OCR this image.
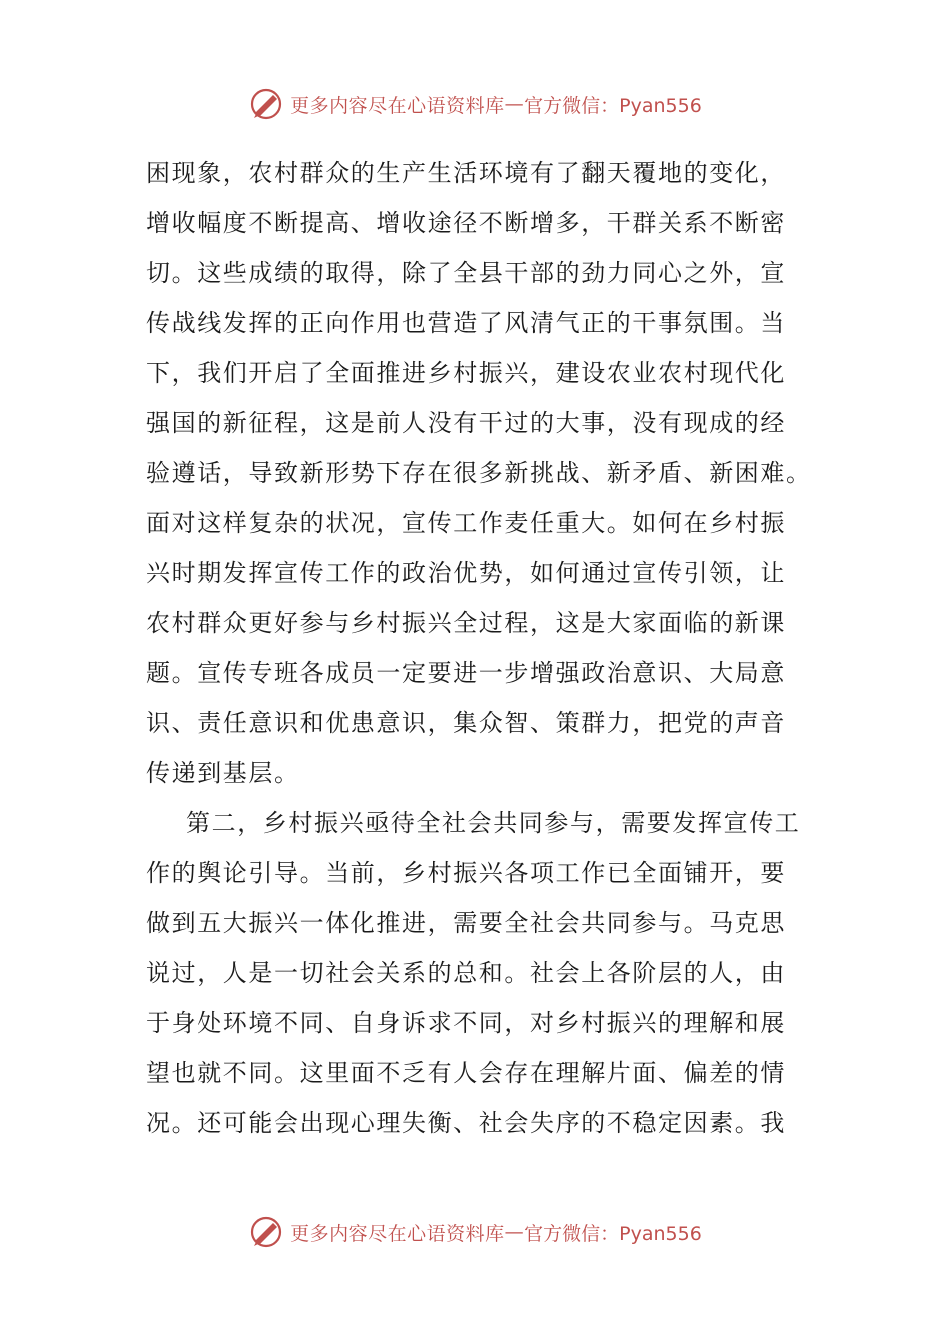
更多内容尽在心语资料库 — 官方微信：Pyan556
困现象，农村群众的生产生活环境有了翻天覆地的变化，
增收幅度不断提高、增收途径不断增多，干群关系不断密
切。这些成绩的取得，除了全县干部的劲力同心之外，宣
传战线发挥的正向作用也营造了风清气正的干事氛围。当
下，我们开启了全面推进乡村振兴，建设农业农村现代化
强国的新征程，这是前人没有干过的大事，没有现成的经
验遵话，导致新形势下存在很多新挑战、新矛盾、新困难。
面对这样复杂的状况，宣传工作麦任重大。如何在乡村振
兴时期发挥宣传工作的政治优势，如何通过宣传引领，让
农村群众更好参与乡村振兴全过程，这是大家面临的新课
题。宣传专班各成员一定要进一步增强政治意识、大局意
识、责任意识和优患意识，集众智、策群力，把党的声音
传递到基层。
第二，乡村振兴亟待全社会共同参与，需要发挥宣传工
作的舆论引导。当前，乡村振兴各项工作已全面铺开，要
做到五大振兴一体化推进，需要全社会共同参与。马克思
说过，人是一切社会关系的总和。社会上各阶层的人，由
于身处环境不同、自身诉求不同，对乡村振兴的理解和展
望也就不同。这里面不乏有人会存在理解片面、偏差的情
况。还可能会出现心理失衡、社会失序的不稳定因素。我
更多内容尽在心语资料库 — 官方微信：Pyan556
